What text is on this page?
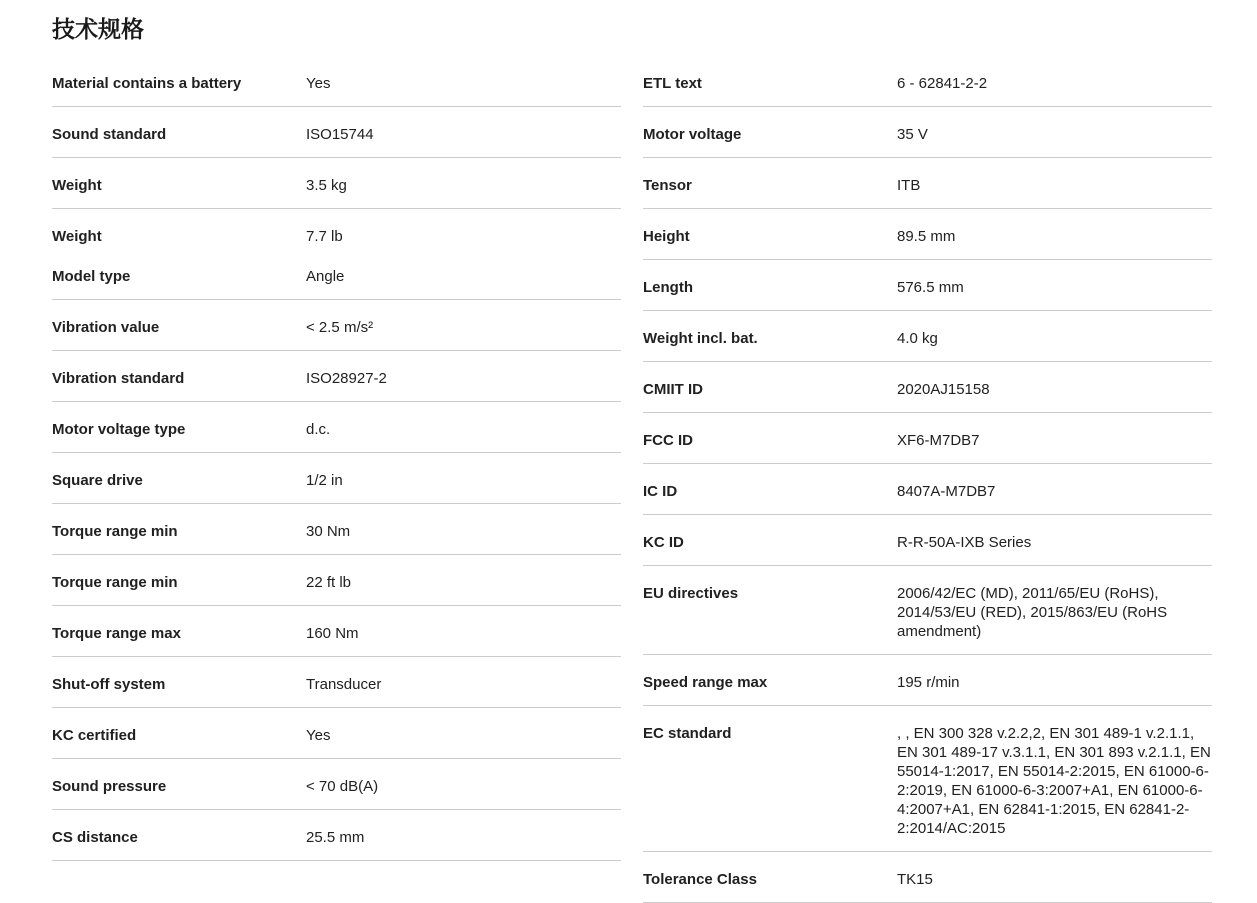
技术规格
Material contains a battery	Yes
Sound standard	ISO15744
Weight	3.5 kg
Weight	7.7 lb
Model type	Angle
Vibration value	< 2.5 m/s²
Vibration standard	ISO28927-2
Motor voltage type	d.c.
Square drive	1/2 in
Torque range min	30 Nm
Torque range min	22 ft lb
Torque range max	160 Nm
Shut-off system	Transducer
KC certified	Yes
Sound pressure	< 70 dB(A)
CS distance	25.5 mm
ETL text	6 - 62841-2-2
Motor voltage	35 V
Tensor	ITB
Height	89.5 mm
Length	576.5 mm
Weight incl. bat.	4.0 kg
CMIIT ID	2020AJ15158
FCC ID	XF6-M7DB7
IC ID	8407A-M7DB7
KC ID	R-R-50A-IXB Series
EU directives	2006/42/EC (MD), 2011/65/EU (RoHS), 2014/53/EU (RED), 2015/863/EU (RoHS amendment)
Speed range max	195 r/min
EC standard	, , EN 300 328 v.2.2,2, EN 301 489-1 v.2.1.1, EN 301 489-17 v.3.1.1, EN 301 893 v.2.1.1, EN 55014-1:2017, EN 55014-2:2015, EN 61000-6-2:2019, EN 61000-6-3:2007+A1, EN 61000-6-4:2007+A1, EN 62841-1:2015, EN 62841-2-2:2014/AC:2015
Tolerance Class	TK15
